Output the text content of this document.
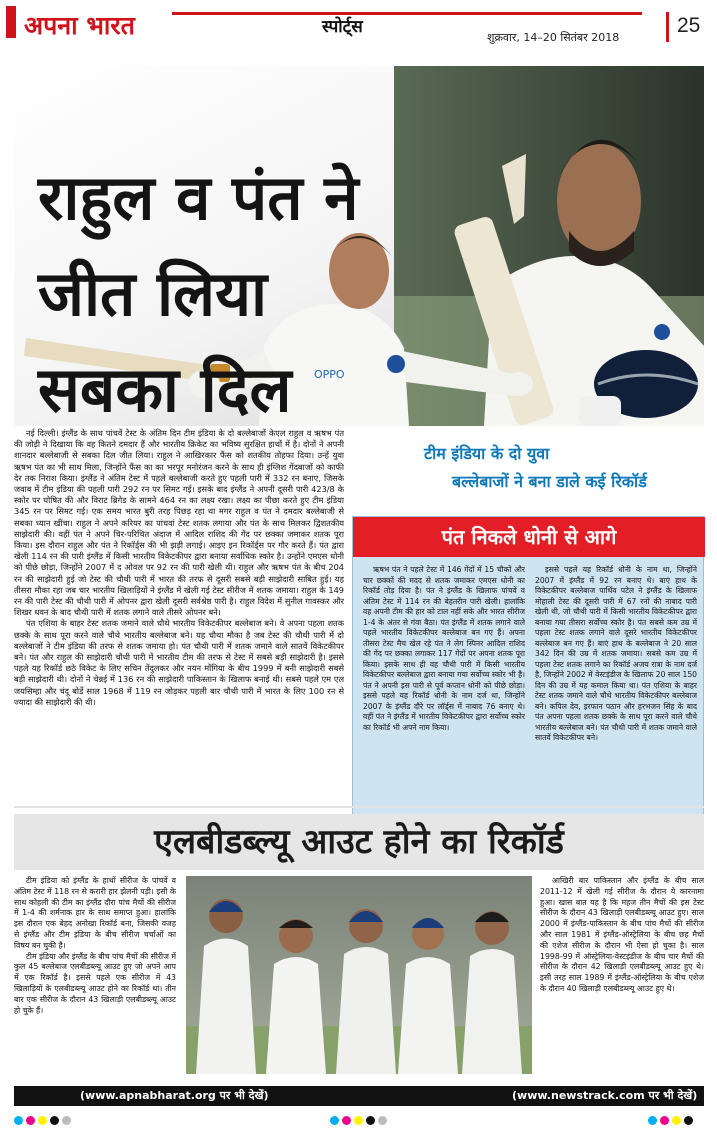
अपना भारत	स्पोर्ट्स
शुक्रवार, 14–20 सितंबर 2018
25
OPPO
राहुल व पंत ने
जीत लिया
सबका दिल
टीम इंडिया के दो युवा
बल्लेबाजों ने बना डाले कई रिकॉर्ड

नई दिल्ली। इंग्लैंड के साथ पांचवें टेस्ट के अंतिम दिन टीम इंडिया के दो बल्लेबाजों केएल राहुल व ऋषभ पंत की जोड़ी ने दिखाया कि वह कितने दमदार हैं और भारतीय क्रिकेट का भविष्य सुरक्षित हाथों में है। दोनों ने अपनी शानदार बल्लेबाजी से सबका दिल जीत लिया। राहुल ने आखिरकार फैंस को शतकीय तोहफा दिया। उन्हें युवा ऋषभ पंत का भी साथ मिला, जिन्होंने फैंस का का भरपूर मनोरंजन करने के साथ ही इंग्लिश गेंदबाजों को काफी देर तक निराश किया। इंग्लैंड ने अंतिम टेस्ट में पहले बल्लेबाजी करते हुए पहली पारी में 332 रन बनाए, जिसके जवाब में टीम इंडिया की पहली पारी 292 रन पर सिमट गई। इसके बाद इंग्लैंड ने अपनी दूसरी पारी 423/8 के स्कोर पर घोषित की और विराट ब्रिगेड के सामने 464 रन का लक्ष्य रखा। लक्ष्य का पीछा करते हुए टीम इंडिया 345 रन पर सिमट गई। एक समय भारत बुरी तरह पिछड़ रहा था मगर राहुल व पंत ने दमदार बल्लेबाजी से सबका ध्यान खींचा। राहुल ने अपने करियर का पांचवां टेस्ट शतक लगाया और पंत के साथ मिलकर द्विशतकीय साझेदारी की। वहीं पंत ने अपने चिर-परिचित अंदाज में आदिल राशिद की गेंद पर छक्का जमाकर शतक पूरा किया। इस दौरान राहुल और पंत ने रिकॉर्ड्स की भी झड़ी लगाई। आइए इन रिकॉर्ड्स पर गौर करते हैं। पंत द्वारा खेली 114 रन की पारी इंग्लैंड में किसी भारतीय विकेटकीपर द्वारा बनाया सर्वाधिक स्कोर है। उन्होंने एमएस धोनी को पीछे छोड़ा, जिन्होंने 2007 में द ओवल पर 92 रन की पारी खेली थी। राहुल और ऋषभ पंत के बीच 204 रन की साझेदारी हुई जो टेस्ट की चौथी पारी में भारत की तरफ से दूसरी सबसे बड़ी साझेदारी साबित हुई। यह तीसरा मौका रहा जब चार भारतीय खिलाड़ियों ने इंग्लैंड में खेली गई टेस्ट सीरीज में शतक जमाया। राहुल के 149 रन की पारी टेस्ट की चौथी पारी में ओपनर द्वारा खेली दूसरी सर्वश्रेष्ठ पारी है। राहुल विदेश में सुनील गावस्कर और शिखर धवन के बाद चौथी पारी में शतक लगाने वाले तीसरे ओपनर बने।

पंत एशिया के बाहर टेस्ट शतक जमाने वाले चौथे भारतीय विकेटकीपर बल्लेबाज बने। वे अपना पहला शतक छक्के के साथ पूरा करने वाले चौथे भारतीय बल्लेबाज बने। यह चौथा मौका है जब टेस्ट की चौथी पारी में दो बल्लेबाजों ने टीम इंडिया की तरफ से शतक जमाया हो। पंत चौथी पारी में शतक जमाने वाले सातवें विकेटकीपर बने। पंत और राहुल की साझेदारी चौथी पारी में भारतीय टीम की तरफ से टेस्ट में सबसे बड़ी साझेदारी है। इससे पहले यह रिकॉर्ड छठे विकेट के लिए सचिन तेंदुलकर और नयन मोंगिया के बीच 1999 में बनी साझेदारी सबसे बड़ी साझेदारी थी। दोनों ने चेन्नई में 136 रन की साझेदारी पाकिस्तान के खिलाफ बनाई थी। सबसे पहले एम एल जयसिम्हा और चंदू बोर्डे साल 1968 में 119 रन जोड़कर पहली बार चौथी पारी में भारत के लिए 100 रन से ज्यादा की साझेदारी की थी।

पंत निकले धोनी से आगे

ऋषभ पंत ने पहले टेस्ट में 146 गेंदों में 15 चौकों और चार छक्कों की मदद से शतक जमाकर एमएस धोनी का रिकॉर्ड तोड़ दिया है। पंत ने इंग्लैंड के खिलाफ पांचवें व अंतिम टेस्ट में 114 रन की बेहतरीन पारी खेली। हालांकि वह अपनी टीम की हार को टाल नहीं सके और भारत सीरीज 1-4 के अंतर से गंवा बैठा। पंत इंग्लैंड में शतक लगाने वाले पहले भारतीय विकेटकीपर बल्लेबाज बन गए हैं। अपना तीसरा टेस्ट मैच खेल रहे पंत ने लेग स्पिनर आदिल राशिद की गेंद पर छक्का लगाकर 117 गेंदों पर अपना शतक पूरा किया। इसके साथ ही वह चौथी पारी में किसी भारतीय विकेटकीपर बल्लेबाज द्वारा बनाया गया सर्वोच्च स्कोर भी है। पंत ने अपनी इस पारी से पूर्व कप्तान धोनी को पीछे छोड़ा। इससे पहले यह रिकॉर्ड धोनी के नाम दर्ज था, जिन्होंने 2007 के इंग्लैंड दौरे पर लॉर्ड्स में नाबाद 76 बनाए थे। वहीं पंत ने इंग्लैंड में भारतीय विकेटकीपर द्वारा सर्वोच्च स्कोर का रिकॉर्ड भी अपने नाम किया।

इससे पहले यह रिकॉर्ड धोनी के नाम था, जिन्होंने 2007 में इंग्लैंड में 92 रन बनाए थे। बाएं हाथ के विकेटकीपर बल्लेबाज पार्थिव पटेल ने इंग्लैंड के खिलाफ मोहाली टेस्ट की दूसरी पारी में 67 रनों की नाबाद पारी खेली थी, जो चौथी पारी में किसी भारतीय विकेटकीपर द्वारा बनाया गया तीसरा सर्वोच्च स्कोर है। पंत सबसे कम उम्र में पहला टेस्ट शतक लगाने वाले दूसरे भारतीय विकेटकीपर बल्लेबाज बन गए हैं। बाएं हाथ के बल्लेबाज ने 20 साल 342 दिन की उम्र में शतक जमाया। सबसे कम उम्र में पहला टेस्ट शतक लगाने का रिकॉर्ड अजय रात्रा के नाम दर्ज है, जिन्होंने 2002 में वेस्टइंडीज के खिलाफ 20 साल 150 दिन की उम्र में यह कमाल किया था। पंत एशिया के बाहर टेस्ट शतक जमाने वाले चौथे भारतीय विकेटकीपर बल्लेबाज बने। कपिल देव, इरफान पठान और हरभजन सिंह के बाद पंत अपना पहला शतक छक्के के साथ पूरा करने वाले चौथे भारतीय बल्लेबाज बने। पंत चौथी पारी में शतक जमाने वाले सातवें विकेटकीपर बने।

एलबीडब्ल्यू आउट होने का रिकॉर्ड

टीम इंडिया को इंग्लैंड के हाथों सीरीज के पांचवें व अंतिम टेस्ट में 118 रन से करारी हार झेलनी पड़ी। इसी के साथ कोहली की टीम का इंग्लैंड दौरा पांच मैचों की सीरीज में 1-4 की शर्मनाक हार के साथ समाप्त हुआ। हालांकि इस दौरान एक बेहद अनोखा रिकॉर्ड बना, जिसकी वजह से इंग्लैंड और टीम इंडिया के बीच सीरीज चर्चाओं का विषय बन चुकी है।

टीम इंडिया और इंग्लैंड के बीच पांच मैचों की सीरीज में कुल 45 बल्लेबाज एलबीडब्ल्यू आउट हुए जो अपने आप में एक रिकॉर्ड है। इससे पहले एक सीरीज में 43 खिलाड़ियों के एलबीडब्ल्यू आउट होने का रिकॉर्ड था। तीन बार एक सीरीज के दौरान 43 खिलाड़ी एलबीडब्ल्यू आउट हो चुके हैं।

आखिरी बार पाकिस्तान और इंग्लैंड के बीच साल 2011-12 में खेली गई सीरीज के दौरान ये कारनामा हुआ। खास बात यह है कि महज तीन मैचों की इस टेस्ट सीरीज के दौरान 43 खिलाड़ी एलबीडब्ल्यू आउट हुए। साल 2000 में इंग्लैंड-पाकिस्तान के बीच पांच मैचों की सीरीज और साल 1981 में इंग्लैंड-ऑस्ट्रेलिया के बीच छह मैचों की एशेज सीरीज के दौरान भी ऐसा हो चुका है। साल 1998-99 में ऑस्ट्रेलिया-वेस्टइंडीज के बीच चार मैचों की सीरीज के दौरान 42 खिलाड़ी एलबीडब्ल्यू आउट हुए थे। इसी तरह साल 1989 में इंग्लैंड-ऑस्ट्रेलिया के बीच एशेज के दौरान 40 खिलाड़ी एलबीडब्ल्यू आउट हुए थे।

(www.apnabharat.org पर भी देखें)	(www.newstrack.com पर भी देखें)
